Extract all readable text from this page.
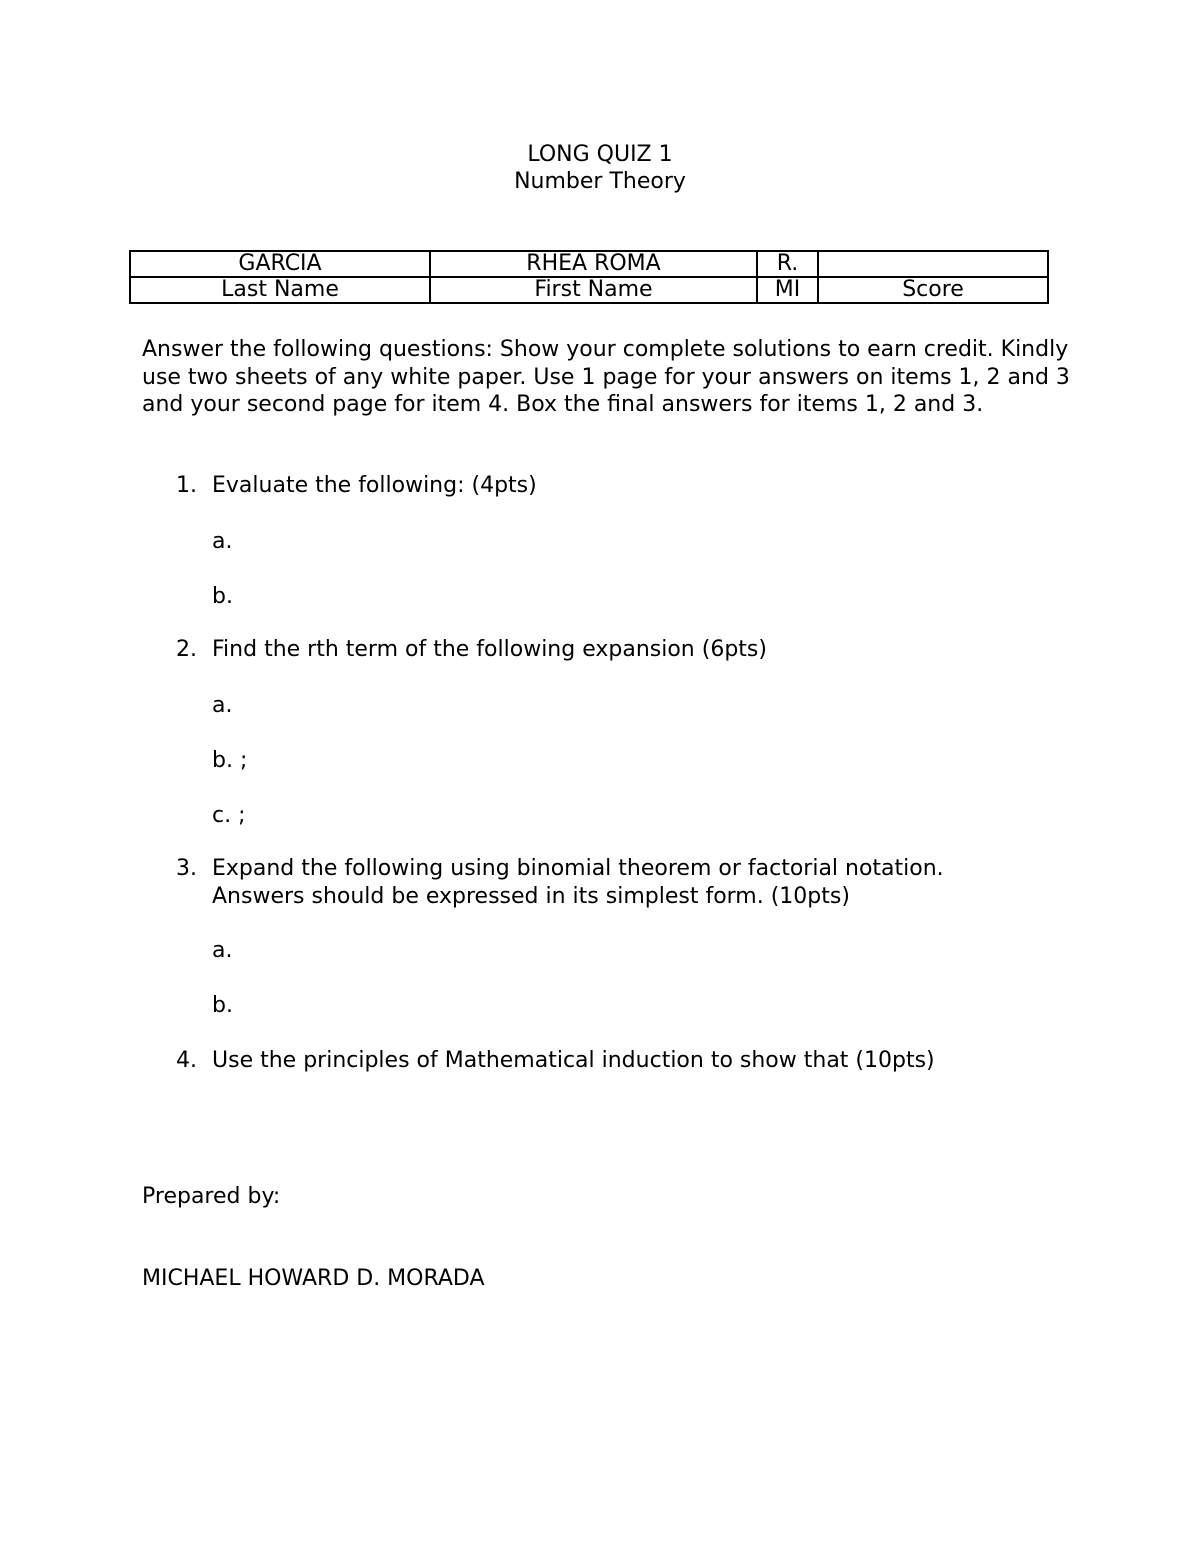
LONG QUIZ 1
Number Theory
GARCIA	RHEA ROMA	R.	
Last Name	First Name	MI	Score
Answer the following questions: Show your complete solutions to earn credit. Kindly use two sheets of any white paper. Use 1 page for your answers on items 1, 2 and 3 and your second page for item 4. Box the final answers for items 1, 2 and 3.
1. Evaluate the following: (4pts)
a.
b.
2. Find the rth term of the following expansion (6pts)
a.
b. ;
c. ;
3. Expand the following using binomial theorem or factorial notation.
Answers should be expressed in its simplest form. (10pts)
a.
b.
4. Use the principles of Mathematical induction to show that (10pts)
Prepared by:
MICHAEL HOWARD D. MORADA
